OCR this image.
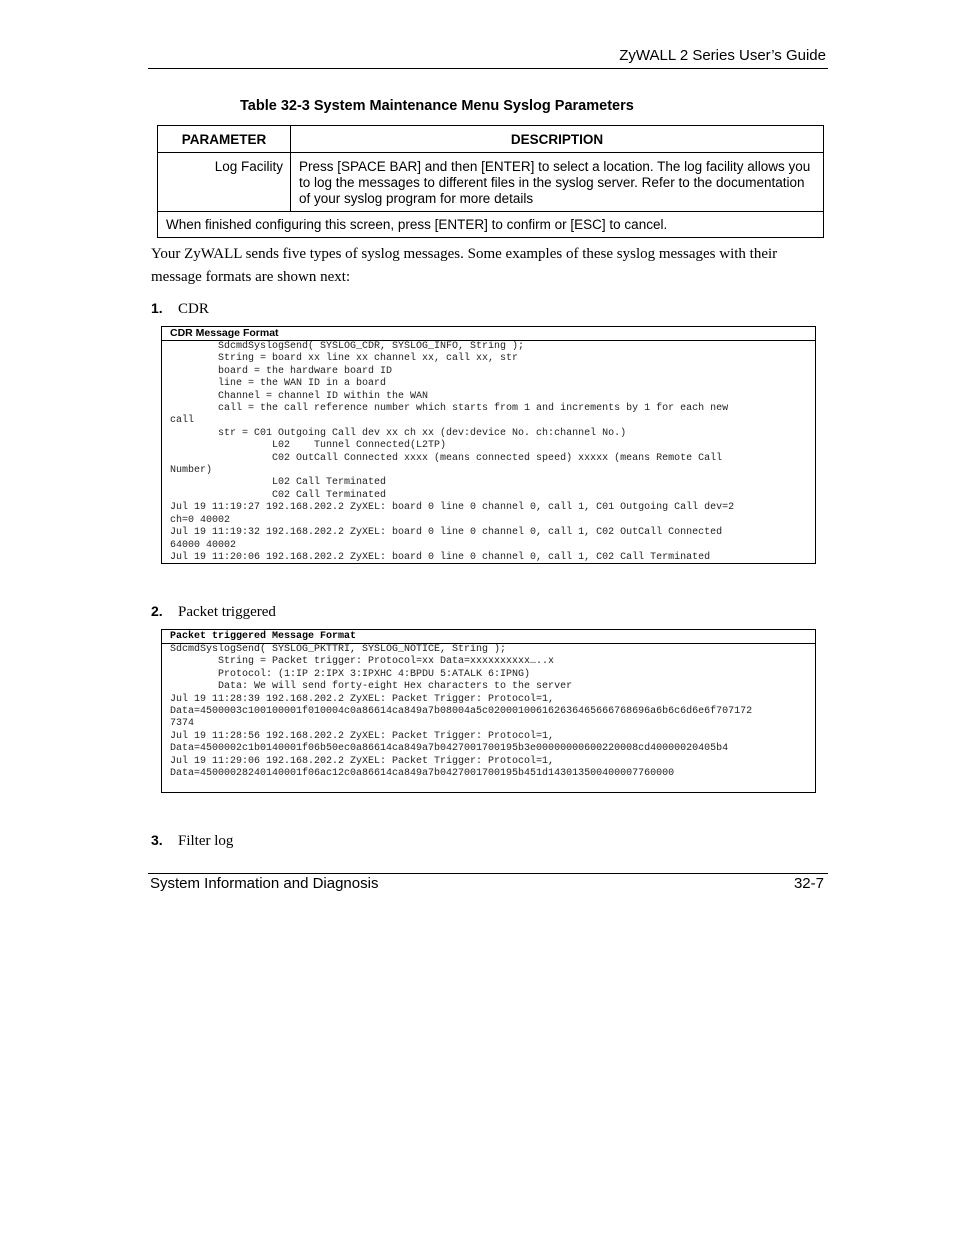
ZyWALL 2 Series User’s Guide
Table 32-3 System Maintenance Menu Syslog Parameters
PARAMETER	DESCRIPTION
Log Facility	Press [SPACE BAR] and then [ENTER] to select a location. The log facility allows you to log the messages to different files in the syslog server. Refer to the documentation of your syslog program for more details
When finished configuring this screen, press [ENTER] to confirm or [ESC] to cancel.	
Your ZyWALL sends five types of syslog messages. Some examples of these syslog messages with their message formats are shown next:
1. CDR
CDR Message Format
SdcmdSyslogSend( SYSLOG_CDR, SYSLOG_INFO, String );
String = board xx line xx channel xx, call xx, str
board = the hardware board ID
line = the WAN ID in a board
Channel = channel ID within the WAN
call = the call reference number which starts from 1 and increments by 1 for each new
call
str = C01 Outgoing Call dev xx ch xx (dev:device No. ch:channel No.)
L02    Tunnel Connected(L2TP)
C02 OutCall Connected xxxx (means connected speed) xxxxx (means Remote Call
Number)
L02 Call Terminated
C02 Call Terminated
Jul 19 11:19:27 192.168.202.2 ZyXEL: board 0 line 0 channel 0, call 1, C01 Outgoing Call dev=2
ch=0 40002
Jul 19 11:19:32 192.168.202.2 ZyXEL: board 0 line 0 channel 0, call 1, C02 OutCall Connected
64000 40002
Jul 19 11:20:06 192.168.202.2 ZyXEL: board 0 line 0 channel 0, call 1, C02 Call Terminated
2. Packet triggered
Packet triggered Message Format
SdcmdSyslogSend( SYSLOG_PKTTRI, SYSLOG_NOTICE, String );
String = Packet trigger: Protocol=xx Data=xxxxxxxxxx…..x
Protocol: (1:IP 2:IPX 3:IPXHC 4:BPDU 5:ATALK 6:IPNG)
Data: We will send forty-eight Hex characters to the server
Jul 19 11:28:39 192.168.202.2 ZyXEL: Packet Trigger: Protocol=1,
Data=4500003c100100001f010004c0a86614ca849a7b08004a5c020001006162636465666768696a6b6c6d6e6f707172
7374
Jul 19 11:28:56 192.168.202.2 ZyXEL: Packet Trigger: Protocol=1,
Data=4500002c1b0140001f06b50ec0a86614ca849a7b0427001700195b3e00000000600220008cd40000020405b4
Jul 19 11:29:06 192.168.202.2 ZyXEL: Packet Trigger: Protocol=1,
Data=45000028240140001f06ac12c0a86614ca849a7b0427001700195b451d143013500400007760000
3. Filter log
System Information and Diagnosis	32-7
